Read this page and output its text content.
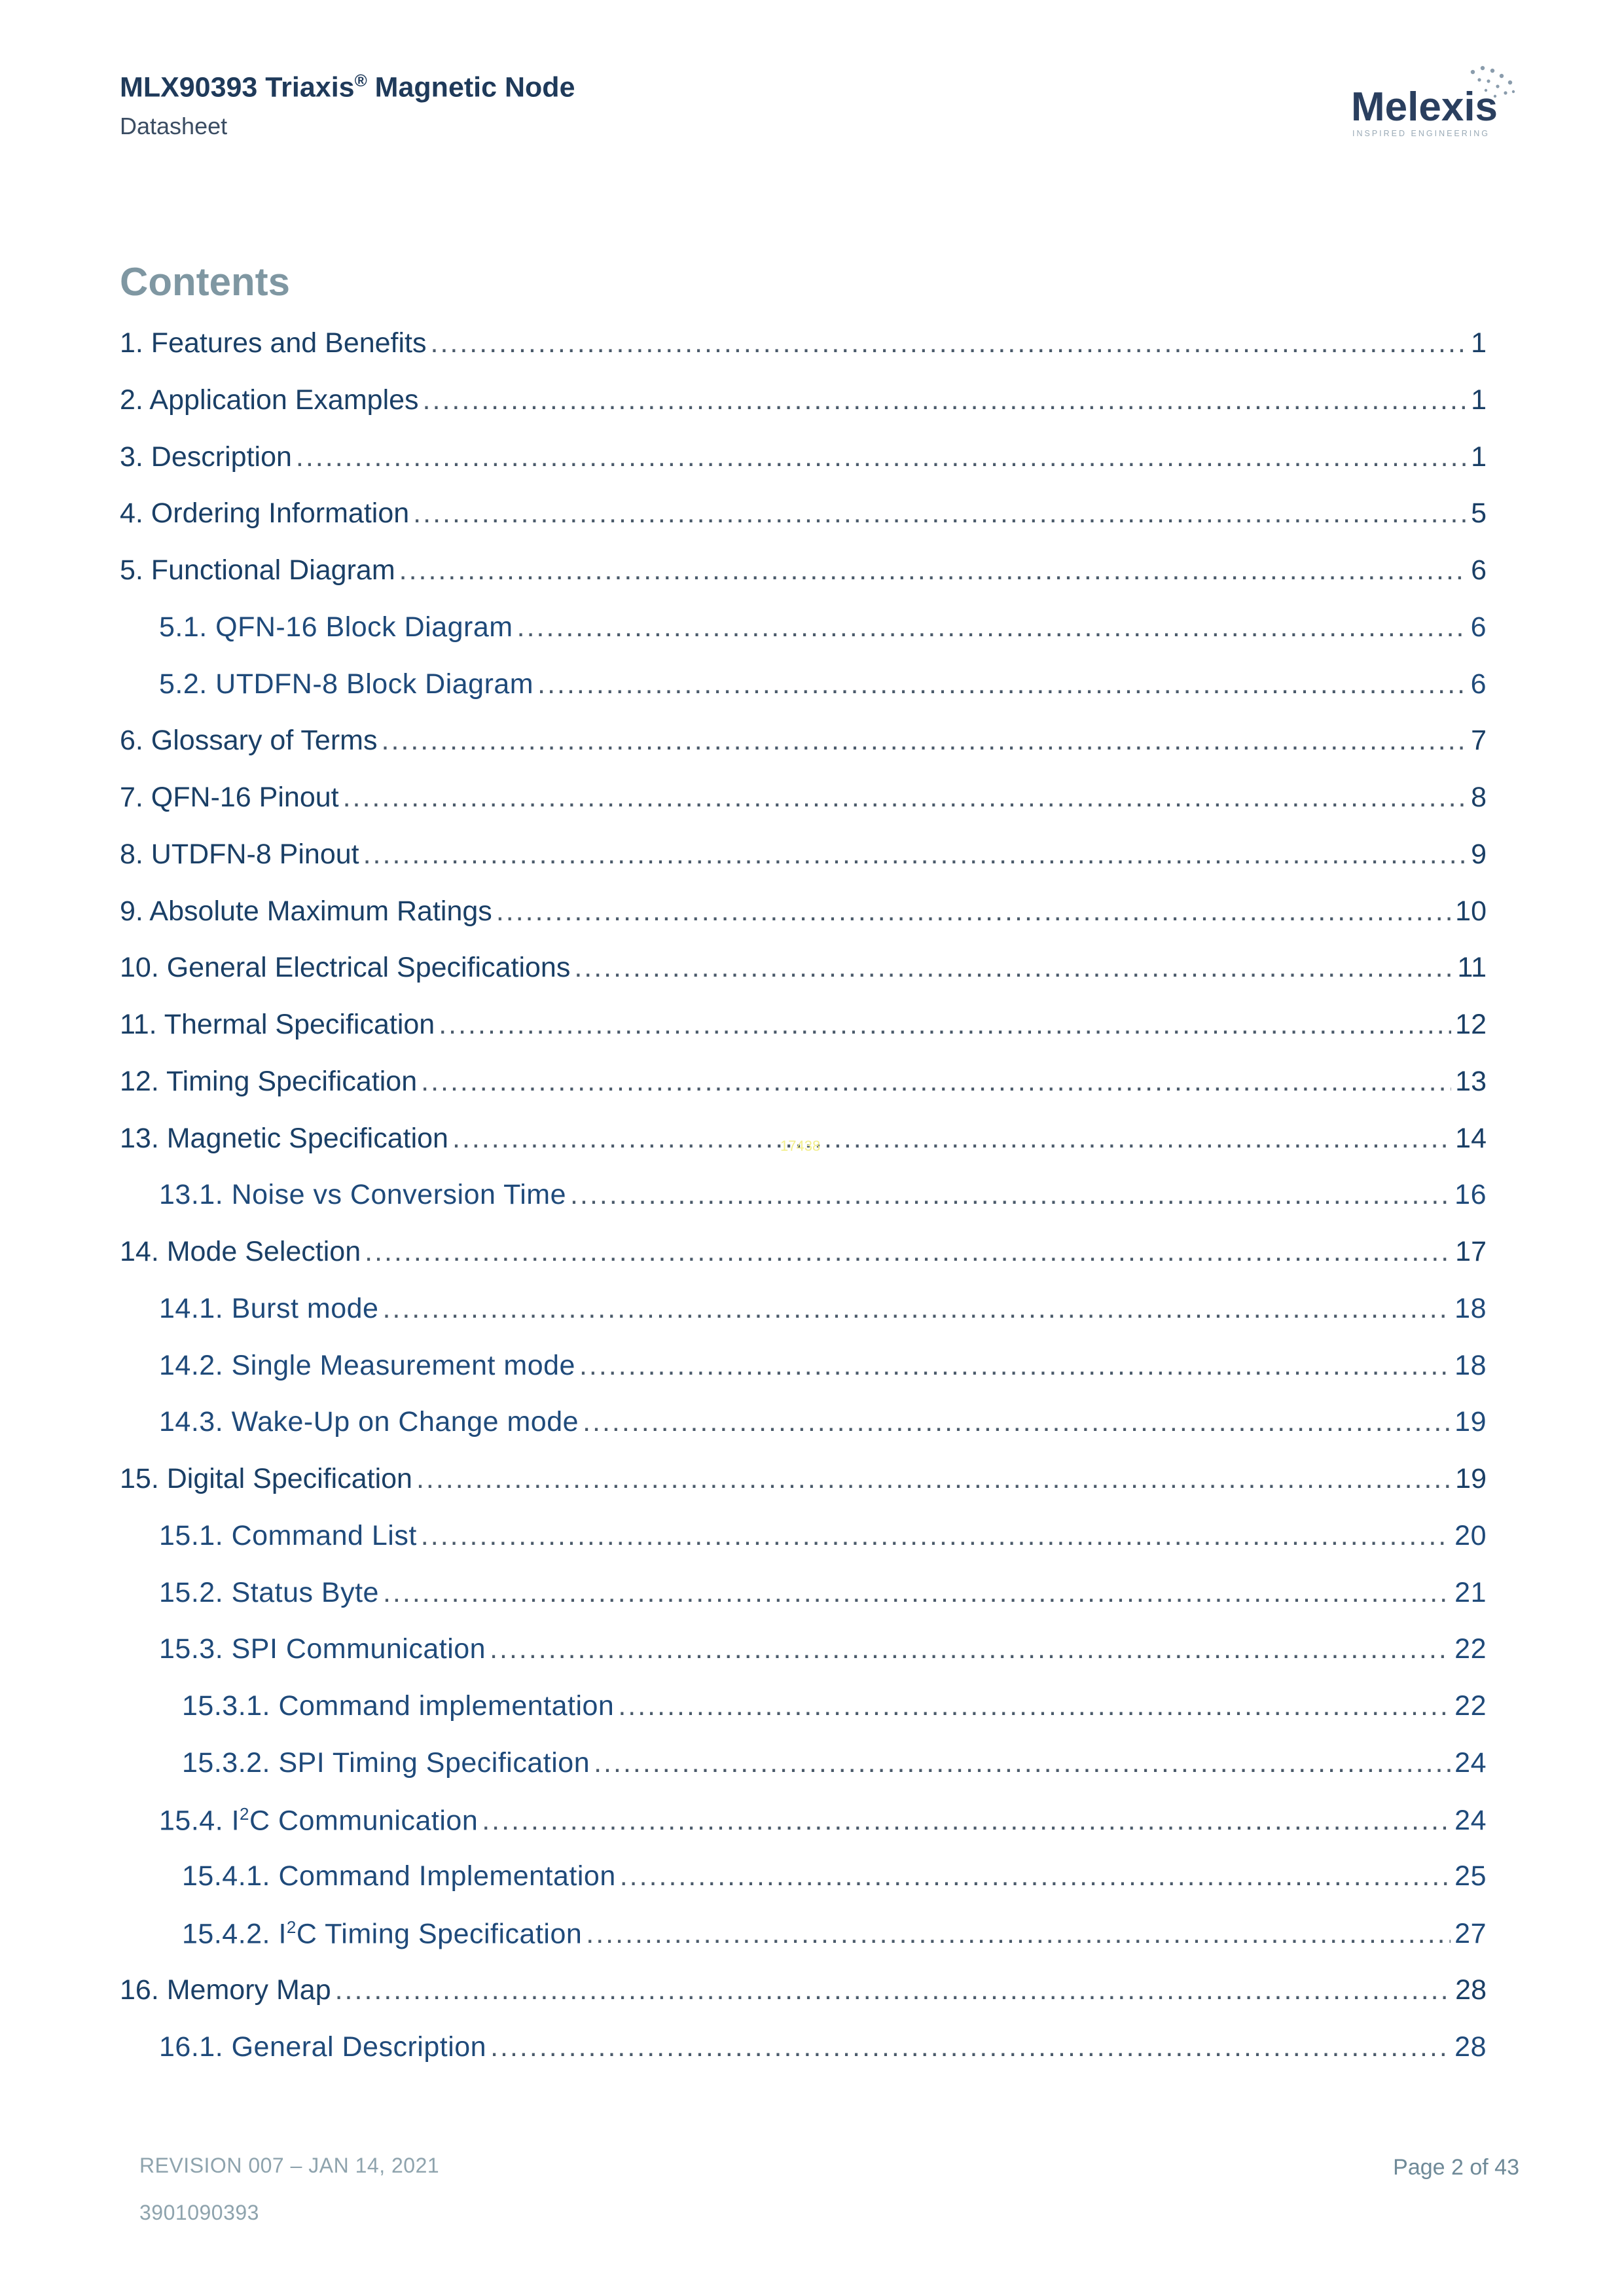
MLX90393 Triaxis® Magnetic Node
Datasheet	Melexis
INSPIRED ENGINEERING
Contents
1. Features and Benefits .....	1
2. Application Examples .....	1
3. Description .....	1
4. Ordering Information .....	5
5. Functional Diagram .....	6
5.1. QFN-16 Block Diagram .....	6
5.2. UTDFN-8 Block Diagram .....	6
6. Glossary of Terms .....	7
7. QFN-16 Pinout .....	8
8. UTDFN-8 Pinout .....	9
9. Absolute Maximum Ratings .....	10
10. General Electrical Specifications .....	11
11. Thermal Specification .....	12
12. Timing Specification .....	13
13. Magnetic Specification .....	14
13.1. Noise vs Conversion Time .....	16
14. Mode Selection .....	17
14.1. Burst mode .....	18
14.2. Single Measurement mode .....	18
14.3. Wake-Up on Change mode .....	19
15. Digital Specification .....	19
15.1. Command List .....	20
15.2. Status Byte .....	21
15.3. SPI Communication .....	22
15.3.1. Command implementation .....	22
15.3.2. SPI Timing Specification .....	24
15.4. $I^2C$ Communication .....	24
15.4.1. Command Implementation .....	25
15.4.2. $I^2C$ Timing Specification .....	27
16. Memory Map .....	28
16.1. General Description .....	28
17438
REVISION 007 – JAN 14, 2021	Page 2 of 43
3901090393
